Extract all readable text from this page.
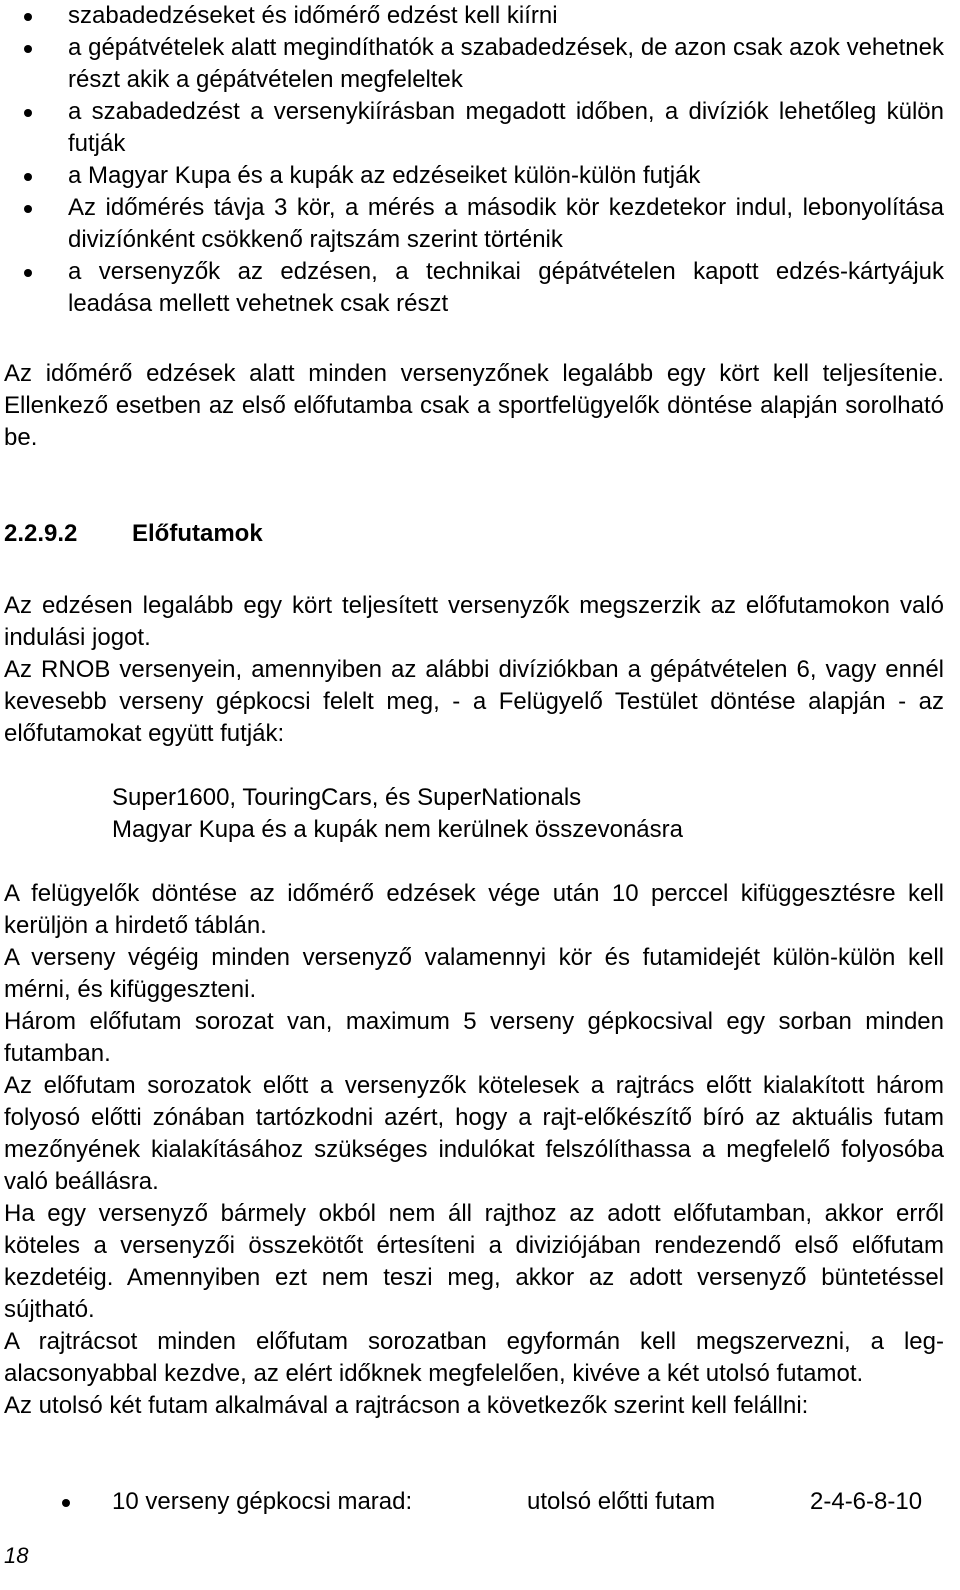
szabadedzéseket és időmérő edzést kell kiírni
a gépátvételek alatt megindíthatók a szabadedzések, de azon csak azok vehetnek részt akik a gépátvételen megfeleltek
a szabadedzést a versenykiírásban megadott időben, a divíziók lehetőleg külön futják
a Magyar Kupa és a kupák az edzéseiket külön-külön futják
Az időmérés távja 3 kör, a mérés a második kör kezdetekor indul, lebonyolítása divizíónként csökkenő rajtszám szerint történik
a versenyzők az edzésen, a technikai gépátvételen kapott edzés-kártyájuk leadása mellett vehetnek csak részt

Az időmérő edzések alatt minden versenyzőnek legalább egy kört kell teljesítenie. Ellenkező esetben az első előfutamba csak a sportfelügyelők döntése alapján sorolható be.

2.2.9.2 Előfutamok

Az edzésen legalább egy kört teljesített versenyzők megszerzik az előfutamokon való indulási jogot.

Az RNOB versenyein, amennyiben az alábbi divíziókban a gépátvételen 6, vagy ennél kevesebb verseny gépkocsi felelt meg, - a Felügyelő Testület döntése alapján - az előfutamokat együtt futják:

Super1600, TouringCars, és SuperNationals
Magyar Kupa és a kupák nem kerülnek összevonásra

A felügyelők döntése az időmérő edzések vége után 10 perccel kifüggesztésre kell kerüljön a hirdető táblán.

A verseny végéig minden versenyző valamennyi kör és futamidejét külön-külön kell mérni, és kifüggeszteni.

Három előfutam sorozat van, maximum 5 verseny gépkocsival egy sorban minden futamban.

Az előfutam sorozatok előtt a versenyzők kötelesek a rajtrács előtt kialakított három folyosó előtti zónában tartózkodni azért, hogy a rajt-előkészítő bíró az aktuális futam mezőnyének kialakításához szükséges indulókat felszólíthassa a megfelelő folyosóba való beállásra.

Ha egy versenyző bármely okból nem áll rajthoz az adott előfutamban, akkor erről köteles a versenyzői összekötőt értesíteni a diviziójában rendezendő első előfutam kezdetéig. Amennyiben ezt nem teszi meg, akkor az adott versenyző büntetéssel sújtható.

A rajtrácsot minden előfutam sorozatban egyformán kell megszervezni, a leg-alacsonyabbal kezdve, az elért időknek megfelelően, kivéve a két utolsó futamot.

Az utolsó két futam alkalmával a rajtrácson a következők szerint kell felállni:

10 verseny gépkocsi marad:	utolsó előtti futam	2-4-6-8-10
18
